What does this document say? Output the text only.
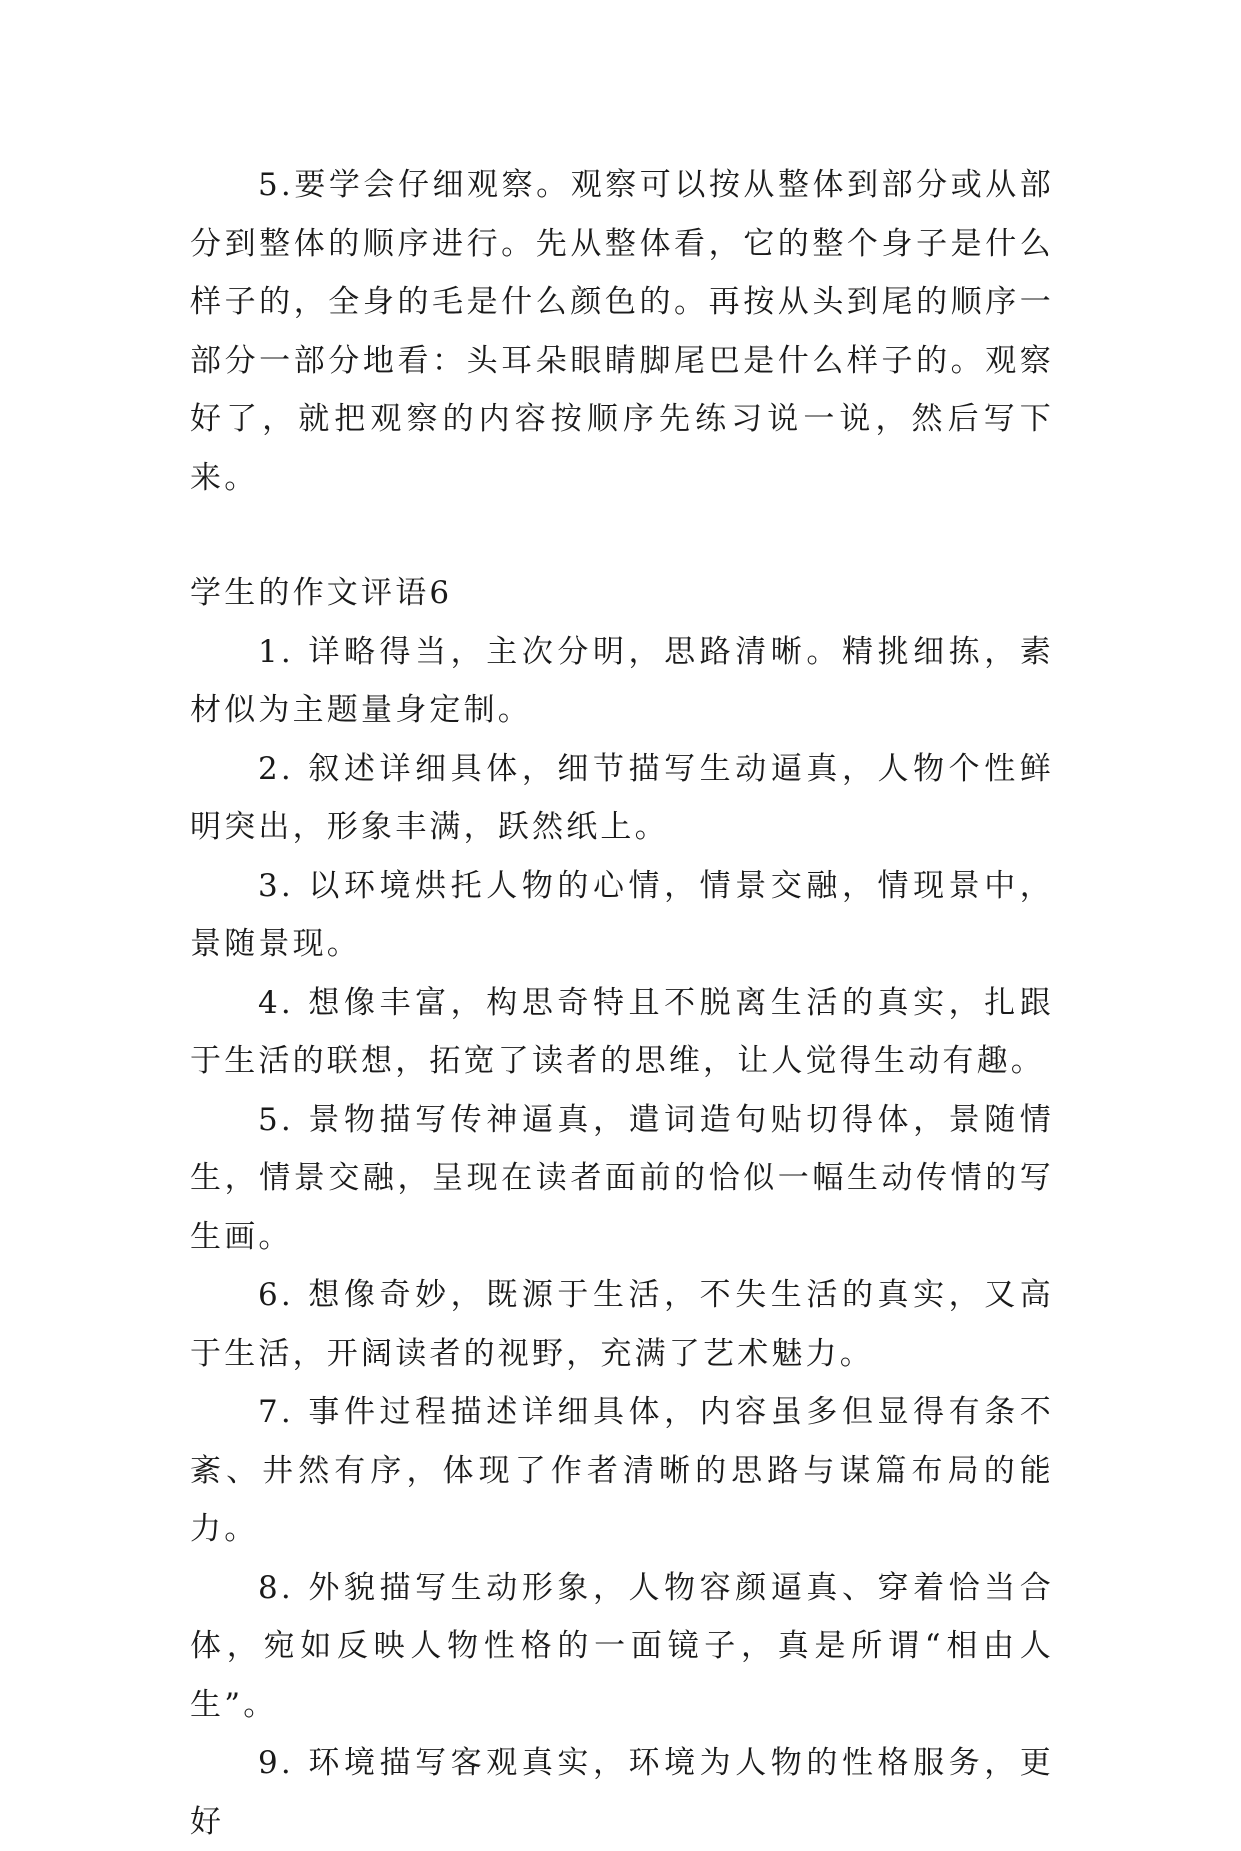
5.要学会仔细观察。观察可以按从整体到部分或从部分到整体的顺序进行。先从整体看，它的整个身子是什么样子的，全身的毛是什么颜色的。再按从头到尾的顺序一部分一部分地看：头耳朵眼睛脚尾巴是什么样子的。观察好了，就把观察的内容按顺序先练习说一说，然后写下来。

学生的作文评语6

1. 详略得当，主次分明，思路清晰。精挑细拣，素材似为主题量身定制。

2. 叙述详细具体，细节描写生动逼真，人物个性鲜明突出，形象丰满，跃然纸上。

3. 以环境烘托人物的心情，情景交融，情现景中，景随景现。

4. 想像丰富，构思奇特且不脱离生活的真实，扎跟于生活的联想，拓宽了读者的思维，让人觉得生动有趣。

5. 景物描写传神逼真，遣词造句贴切得体，景随情生，情景交融，呈现在读者面前的恰似一幅生动传情的写生画。

6. 想像奇妙，既源于生活，不失生活的真实，又高于生活，开阔读者的视野，充满了艺术魅力。

7. 事件过程描述详细具体，内容虽多但显得有条不紊、井然有序，体现了作者清晰的思路与谋篇布局的能力。

8. 外貌描写生动形象，人物容颜逼真、穿着恰当合体，宛如反映人物性格的一面镜子，真是所谓“相由人生”。

9. 环境描写客观真实，环境为人物的性格服务，更好
